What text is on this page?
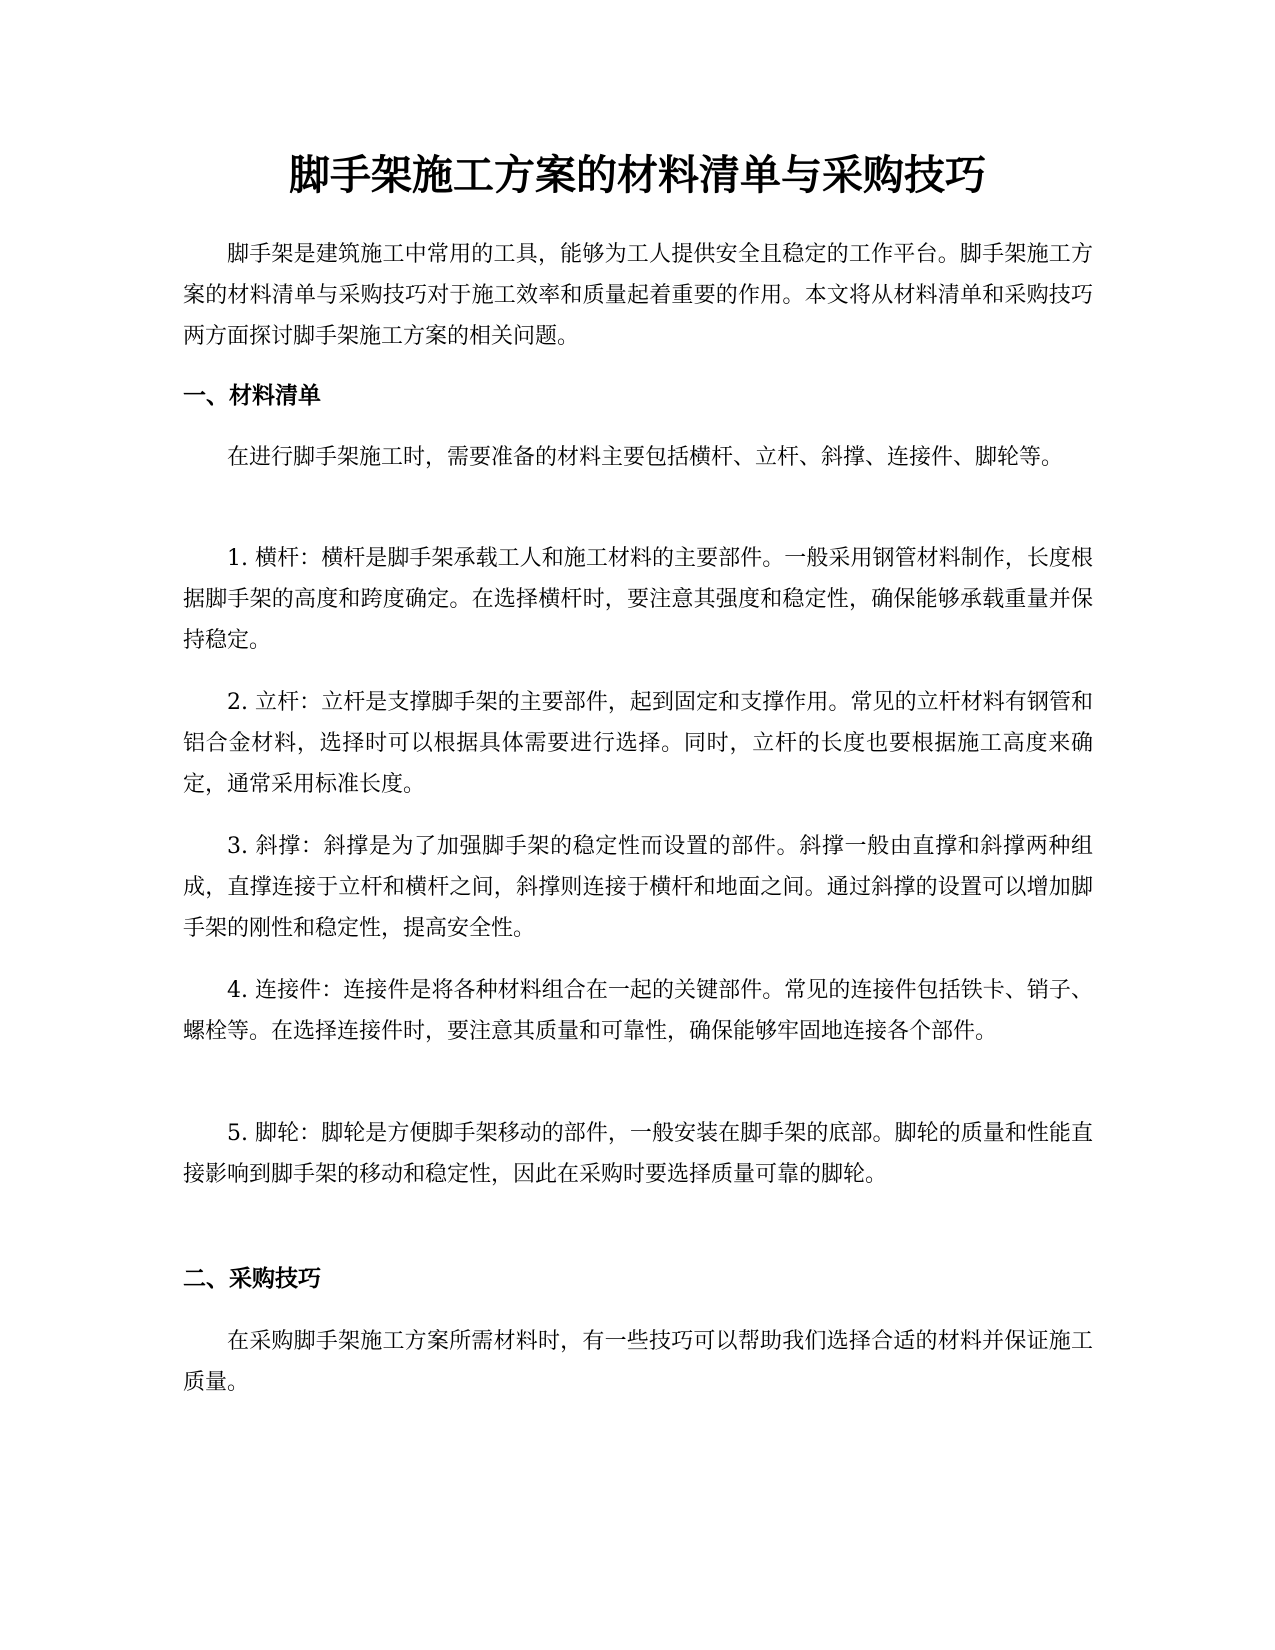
脚手架施工方案的材料清单与采购技巧

脚手架是建筑施工中常用的工具，能够为工人提供安全且稳定的工作平台。脚手架施工方案的材料清单与采购技巧对于施工效率和质量起着重要的作用。本文将从材料清单和采购技巧两方面探讨脚手架施工方案的相关问题。

一、材料清单

在进行脚手架施工时，需要准备的材料主要包括横杆、立杆、斜撑、连接件、脚轮等。

1. 横杆：横杆是脚手架承载工人和施工材料的主要部件。一般采用钢管材料制作，长度根据脚手架的高度和跨度确定。在选择横杆时，要注意其强度和稳定性，确保能够承载重量并保持稳定。

2. 立杆：立杆是支撑脚手架的主要部件，起到固定和支撑作用。常见的立杆材料有钢管和铝合金材料，选择时可以根据具体需要进行选择。同时，立杆的长度也要根据施工高度来确定，通常采用标准长度。

3. 斜撑：斜撑是为了加强脚手架的稳定性而设置的部件。斜撑一般由直撑和斜撑两种组成，直撑连接于立杆和横杆之间，斜撑则连接于横杆和地面之间。通过斜撑的设置可以增加脚手架的刚性和稳定性，提高安全性。

4. 连接件：连接件是将各种材料组合在一起的关键部件。常见的连接件包括铁卡、销子、螺栓等。在选择连接件时，要注意其质量和可靠性，确保能够牢固地连接各个部件。

5. 脚轮：脚轮是方便脚手架移动的部件，一般安装在脚手架的底部。脚轮的质量和性能直接影响到脚手架的移动和稳定性，因此在采购时要选择质量可靠的脚轮。

二、采购技巧

在采购脚手架施工方案所需材料时，有一些技巧可以帮助我们选择合适的材料并保证施工质量。
